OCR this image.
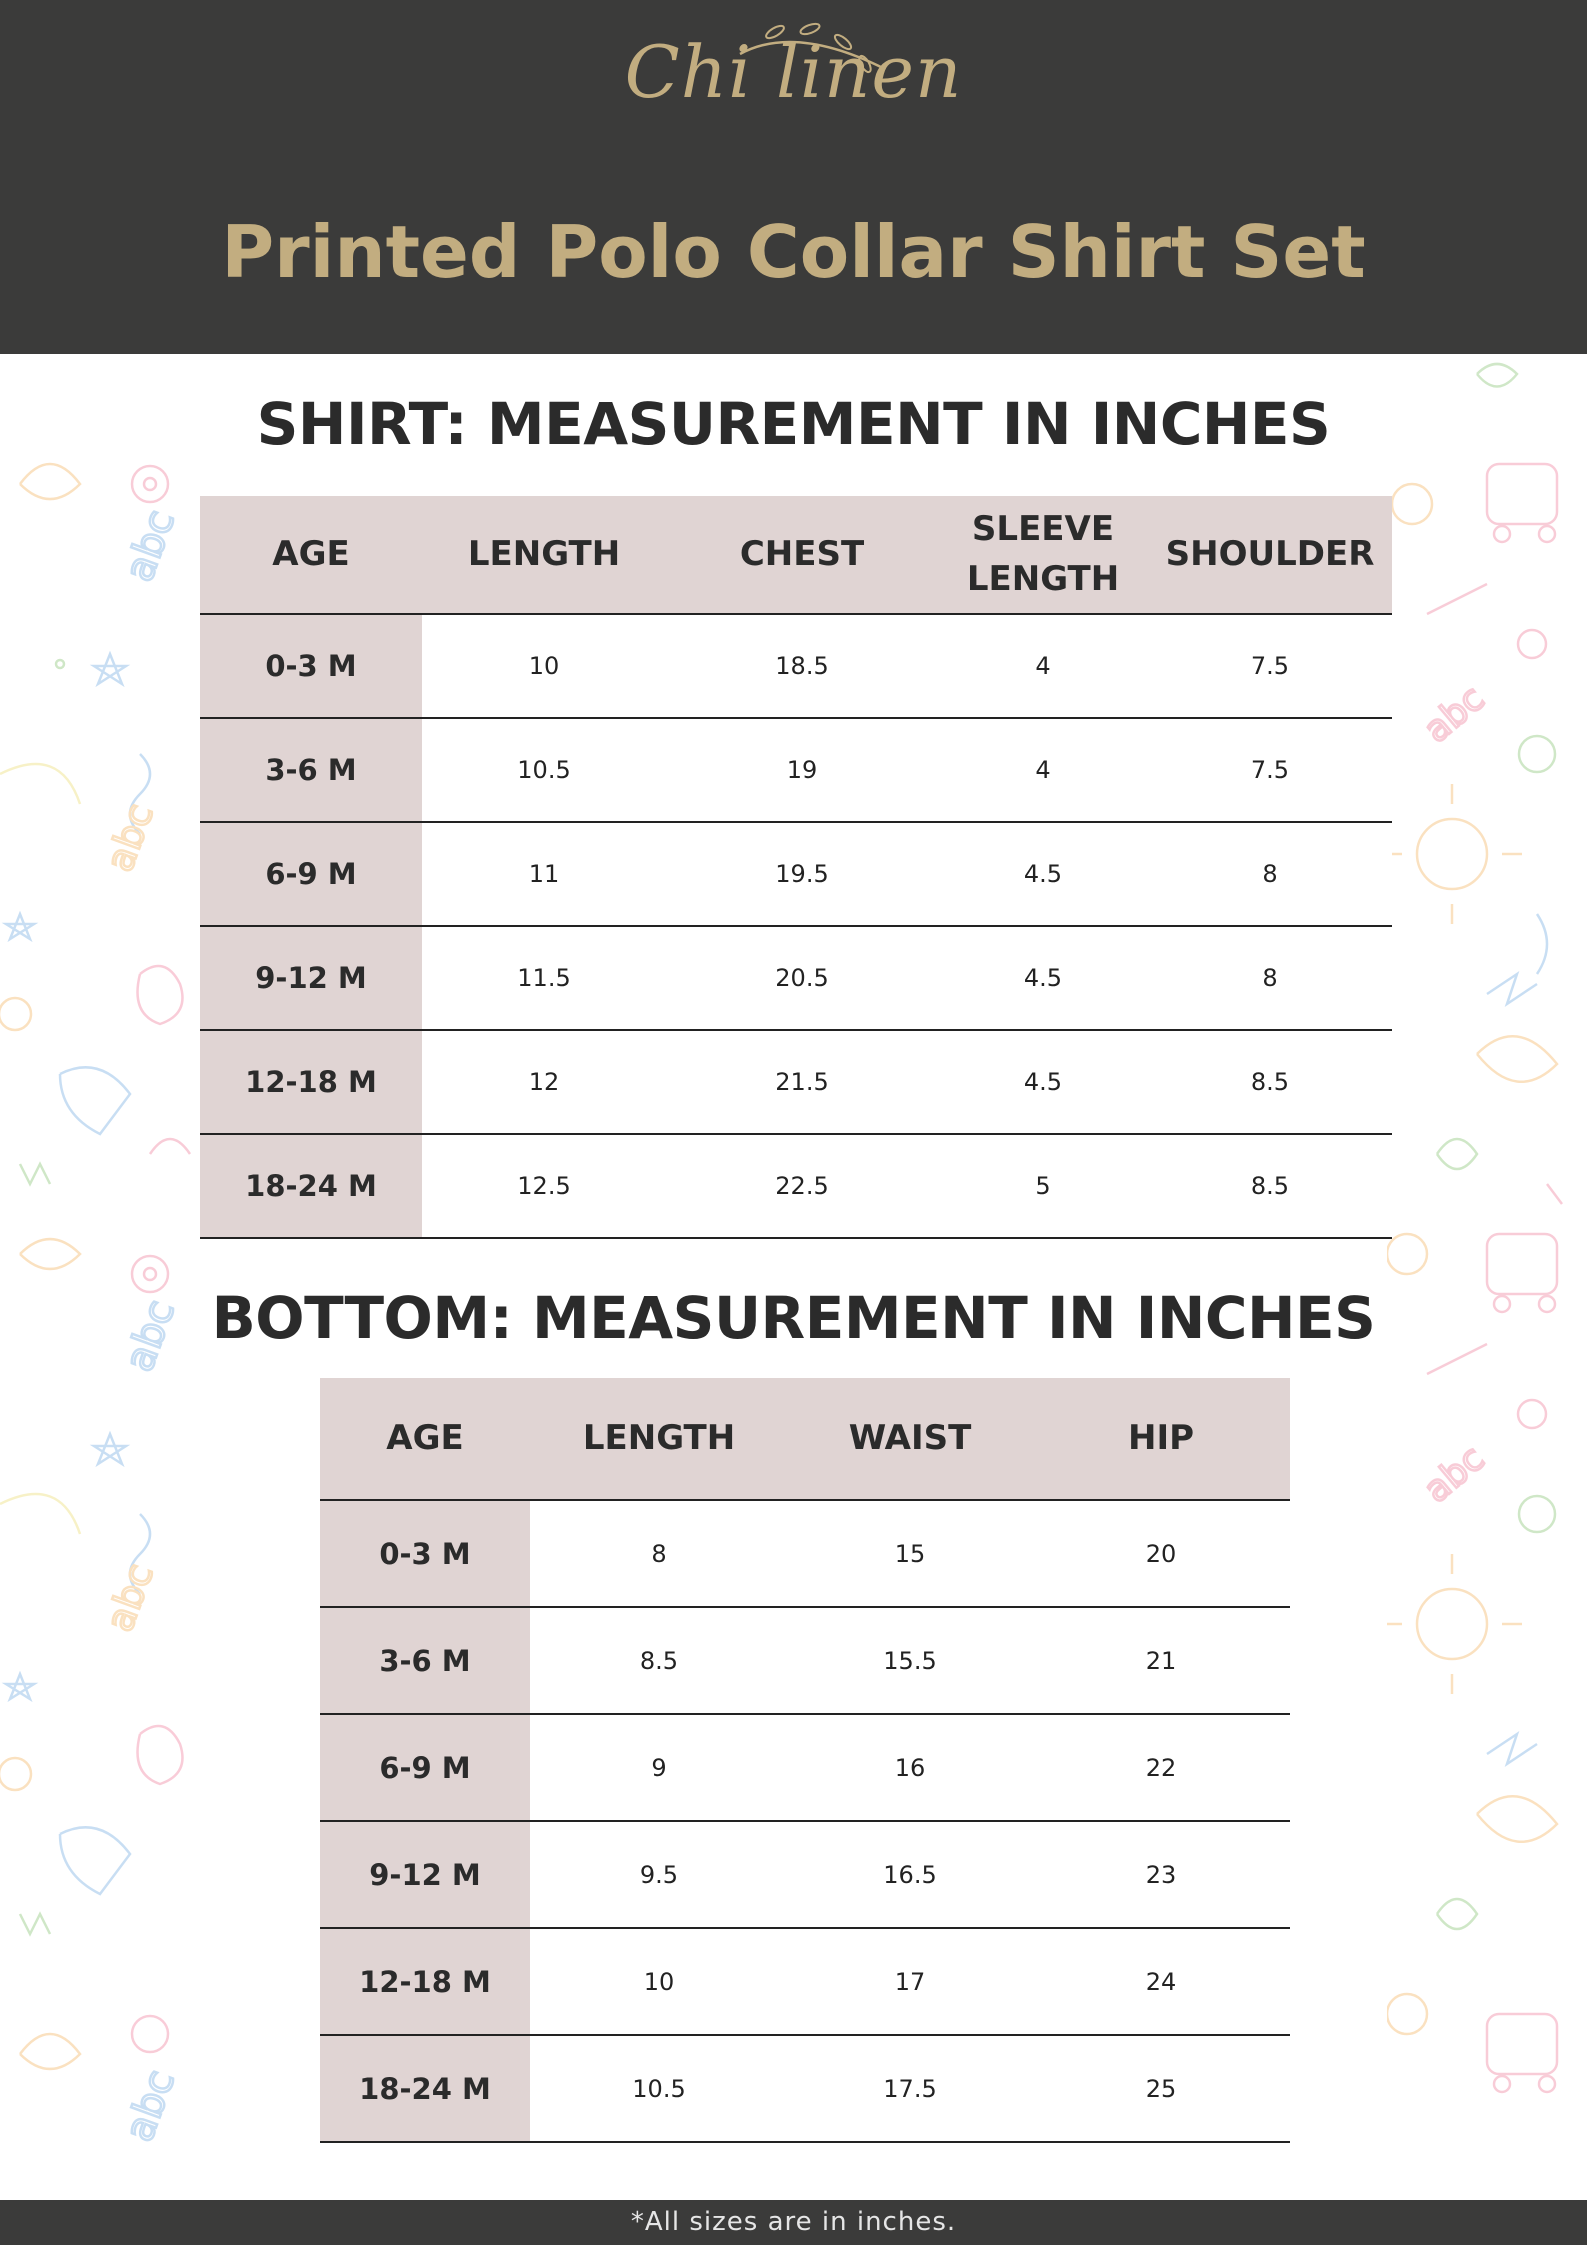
Chi linen
Printed Polo Collar Shirt Set
abc
abc
abc
abc
abc
abc
abc
SHIRT: MEASUREMENT IN INCHES
AGE	LENGTH	CHEST	SLEEVE LENGTH	SHOULDER
0-3 M	10	18.5	4	7.5
3-6 M	10.5	19	4	7.5
6-9 M	11	19.5	4.5	8
9-12 M	11.5	20.5	4.5	8
12-18 M	12	21.5	4.5	8.5
18-24 M	12.5	22.5	5	8.5
BOTTOM: MEASUREMENT IN INCHES
AGE	LENGTH	WAIST	HIP
0-3 M	8	15	20
3-6 M	8.5	15.5	21
6-9 M	9	16	22
9-12 M	9.5	16.5	23
12-18 M	10	17	24
18-24 M	10.5	17.5	25
*All sizes are in inches.
